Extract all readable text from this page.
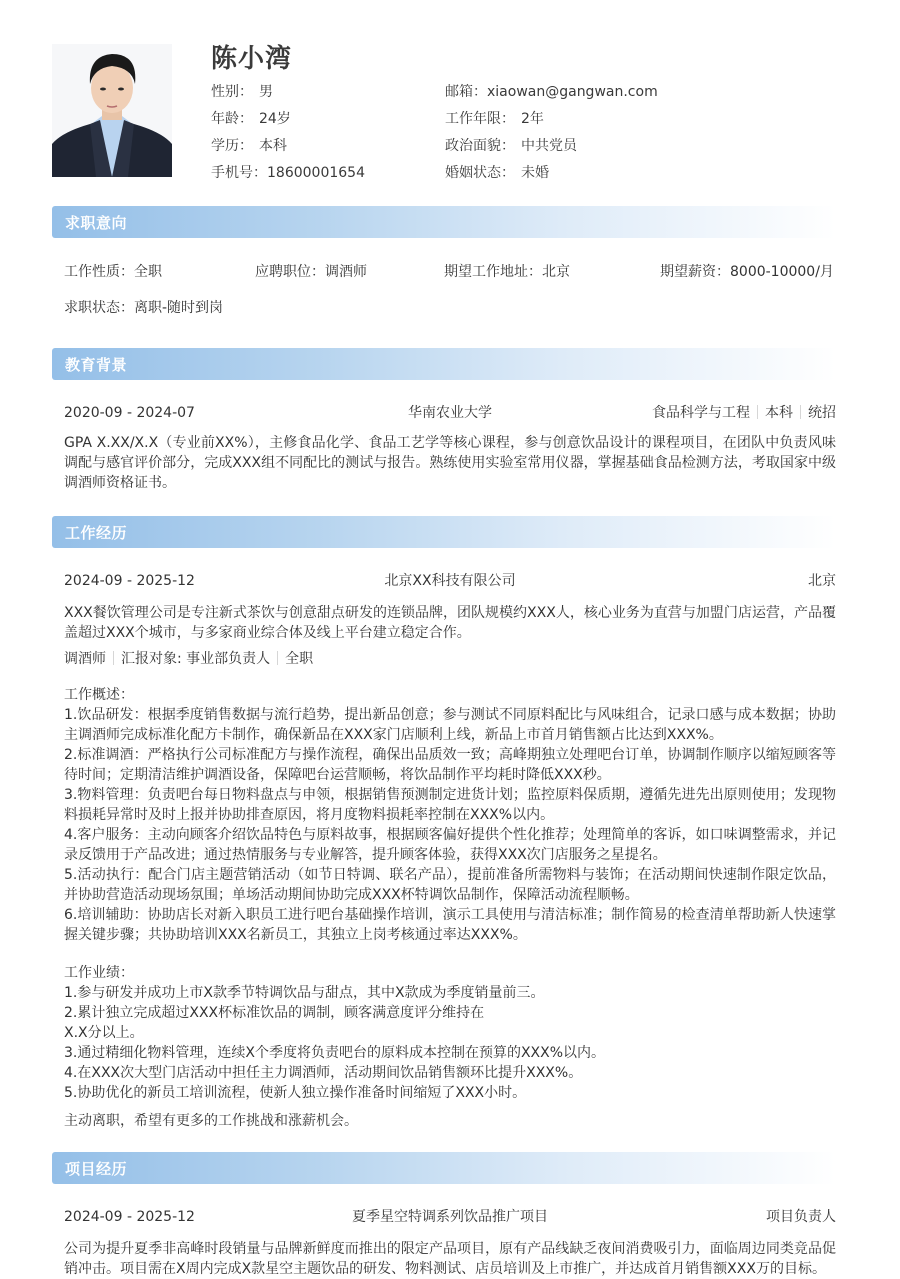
陈小湾
性别： 男	邮箱：xiaowan@gangwan.com
年龄： 24岁	工作年限： 2年
学历： 本科	政治面貌： 中共党员
手机号：18600001654	婚姻状态： 未婚
求职意向
工作性质：全职	应聘职位：调酒师	期望工作地址：北京	期望薪资：8000-10000/月
求职状态：离职-随时到岗
教育背景
2020-09 - 2024-07	华南农业大学	食品科学与工程 本科 统招
GPA X.XX/X.X（专业前XX%），主修食品化学、食品工艺学等核心课程，参与创意饮品设计的课程项目，在团队中负责风味调配与感官评价部分，完成XXX组不同配比的测试与报告。熟练使用实验室常用仪器，掌握基础食品检测方法，考取国家中级调酒师资格证书。
工作经历
2024-09 - 2025-12	北京XX科技有限公司	北京
XXX餐饮管理公司是专注新式茶饮与创意甜点研发的连锁品牌，团队规模约XXX人，核心业务为直营与加盟门店运营，产品覆盖超过XXX个城市，与多家商业综合体及线上平台建立稳定合作。
调酒师 汇报对象: 事业部负责人 全职
工作概述：
1.饮品研发：根据季度销售数据与流行趋势，提出新品创意；参与测试不同原料配比与风味组合，记录口感与成本数据；协助主调酒师完成标准化配方卡制作，确保新品在XXX家门店顺利上线，新品上市首月销售额占比达到XXX%。
2.标准调酒：严格执行公司标准配方与操作流程，确保出品质效一致；高峰期独立处理吧台订单，协调制作顺序以缩短顾客等待时间；定期清洁维护调酒设备，保障吧台运营顺畅，将饮品制作平均耗时降低XXX秒。
3.物料管理：负责吧台每日物料盘点与申领，根据销售预测制定进货计划；监控原料保质期，遵循先进先出原则使用；发现物料损耗异常时及时上报并协助排查原因，将月度物料损耗率控制在XXX%以内。
4.客户服务：主动向顾客介绍饮品特色与原料故事，根据顾客偏好提供个性化推荐；处理简单的客诉，如口味调整需求，并记录反馈用于产品改进；通过热情服务与专业解答，提升顾客体验，获得XXX次门店服务之星提名。
5.活动执行：配合门店主题营销活动（如节日特调、联名产品），提前准备所需物料与装饰；在活动期间快速制作限定饮品，并协助营造活动现场氛围；单场活动期间协助完成XXX杯特调饮品制作，保障活动流程顺畅。
6.培训辅助：协助店长对新入职员工进行吧台基础操作培训，演示工具使用与清洁标准；制作简易的检查清单帮助新人快速掌握关键步骤；共协助培训XXX名新员工，其独立上岗考核通过率达XXX%。
工作业绩：
1.参与研发并成功上市X款季节特调饮品与甜点，其中X款成为季度销量前三。
2.累计独立完成超过XXX杯标准饮品的调制，顾客满意度评分维持在
X.X分以上。
3.通过精细化物料管理，连续X个季度将负责吧台的原料成本控制在预算的XXX%以内。
4.在XXX次大型门店活动中担任主力调酒师，活动期间饮品销售额环比提升XXX%。
5.协助优化的新员工培训流程，使新人独立操作准备时间缩短了XXX小时。
主动离职，希望有更多的工作挑战和涨薪机会。
项目经历
2024-09 - 2025-12	夏季星空特调系列饮品推广项目	项目负责人
公司为提升夏季非高峰时段销量与品牌新鲜度而推出的限定产品项目，原有产品线缺乏夜间消费吸引力，面临周边同类竞品促销冲击。项目需在X周内完成X款星空主题饮品的研发、物料测试、店员培训及上市推广，并达成首月销售额XXX万的目标。
